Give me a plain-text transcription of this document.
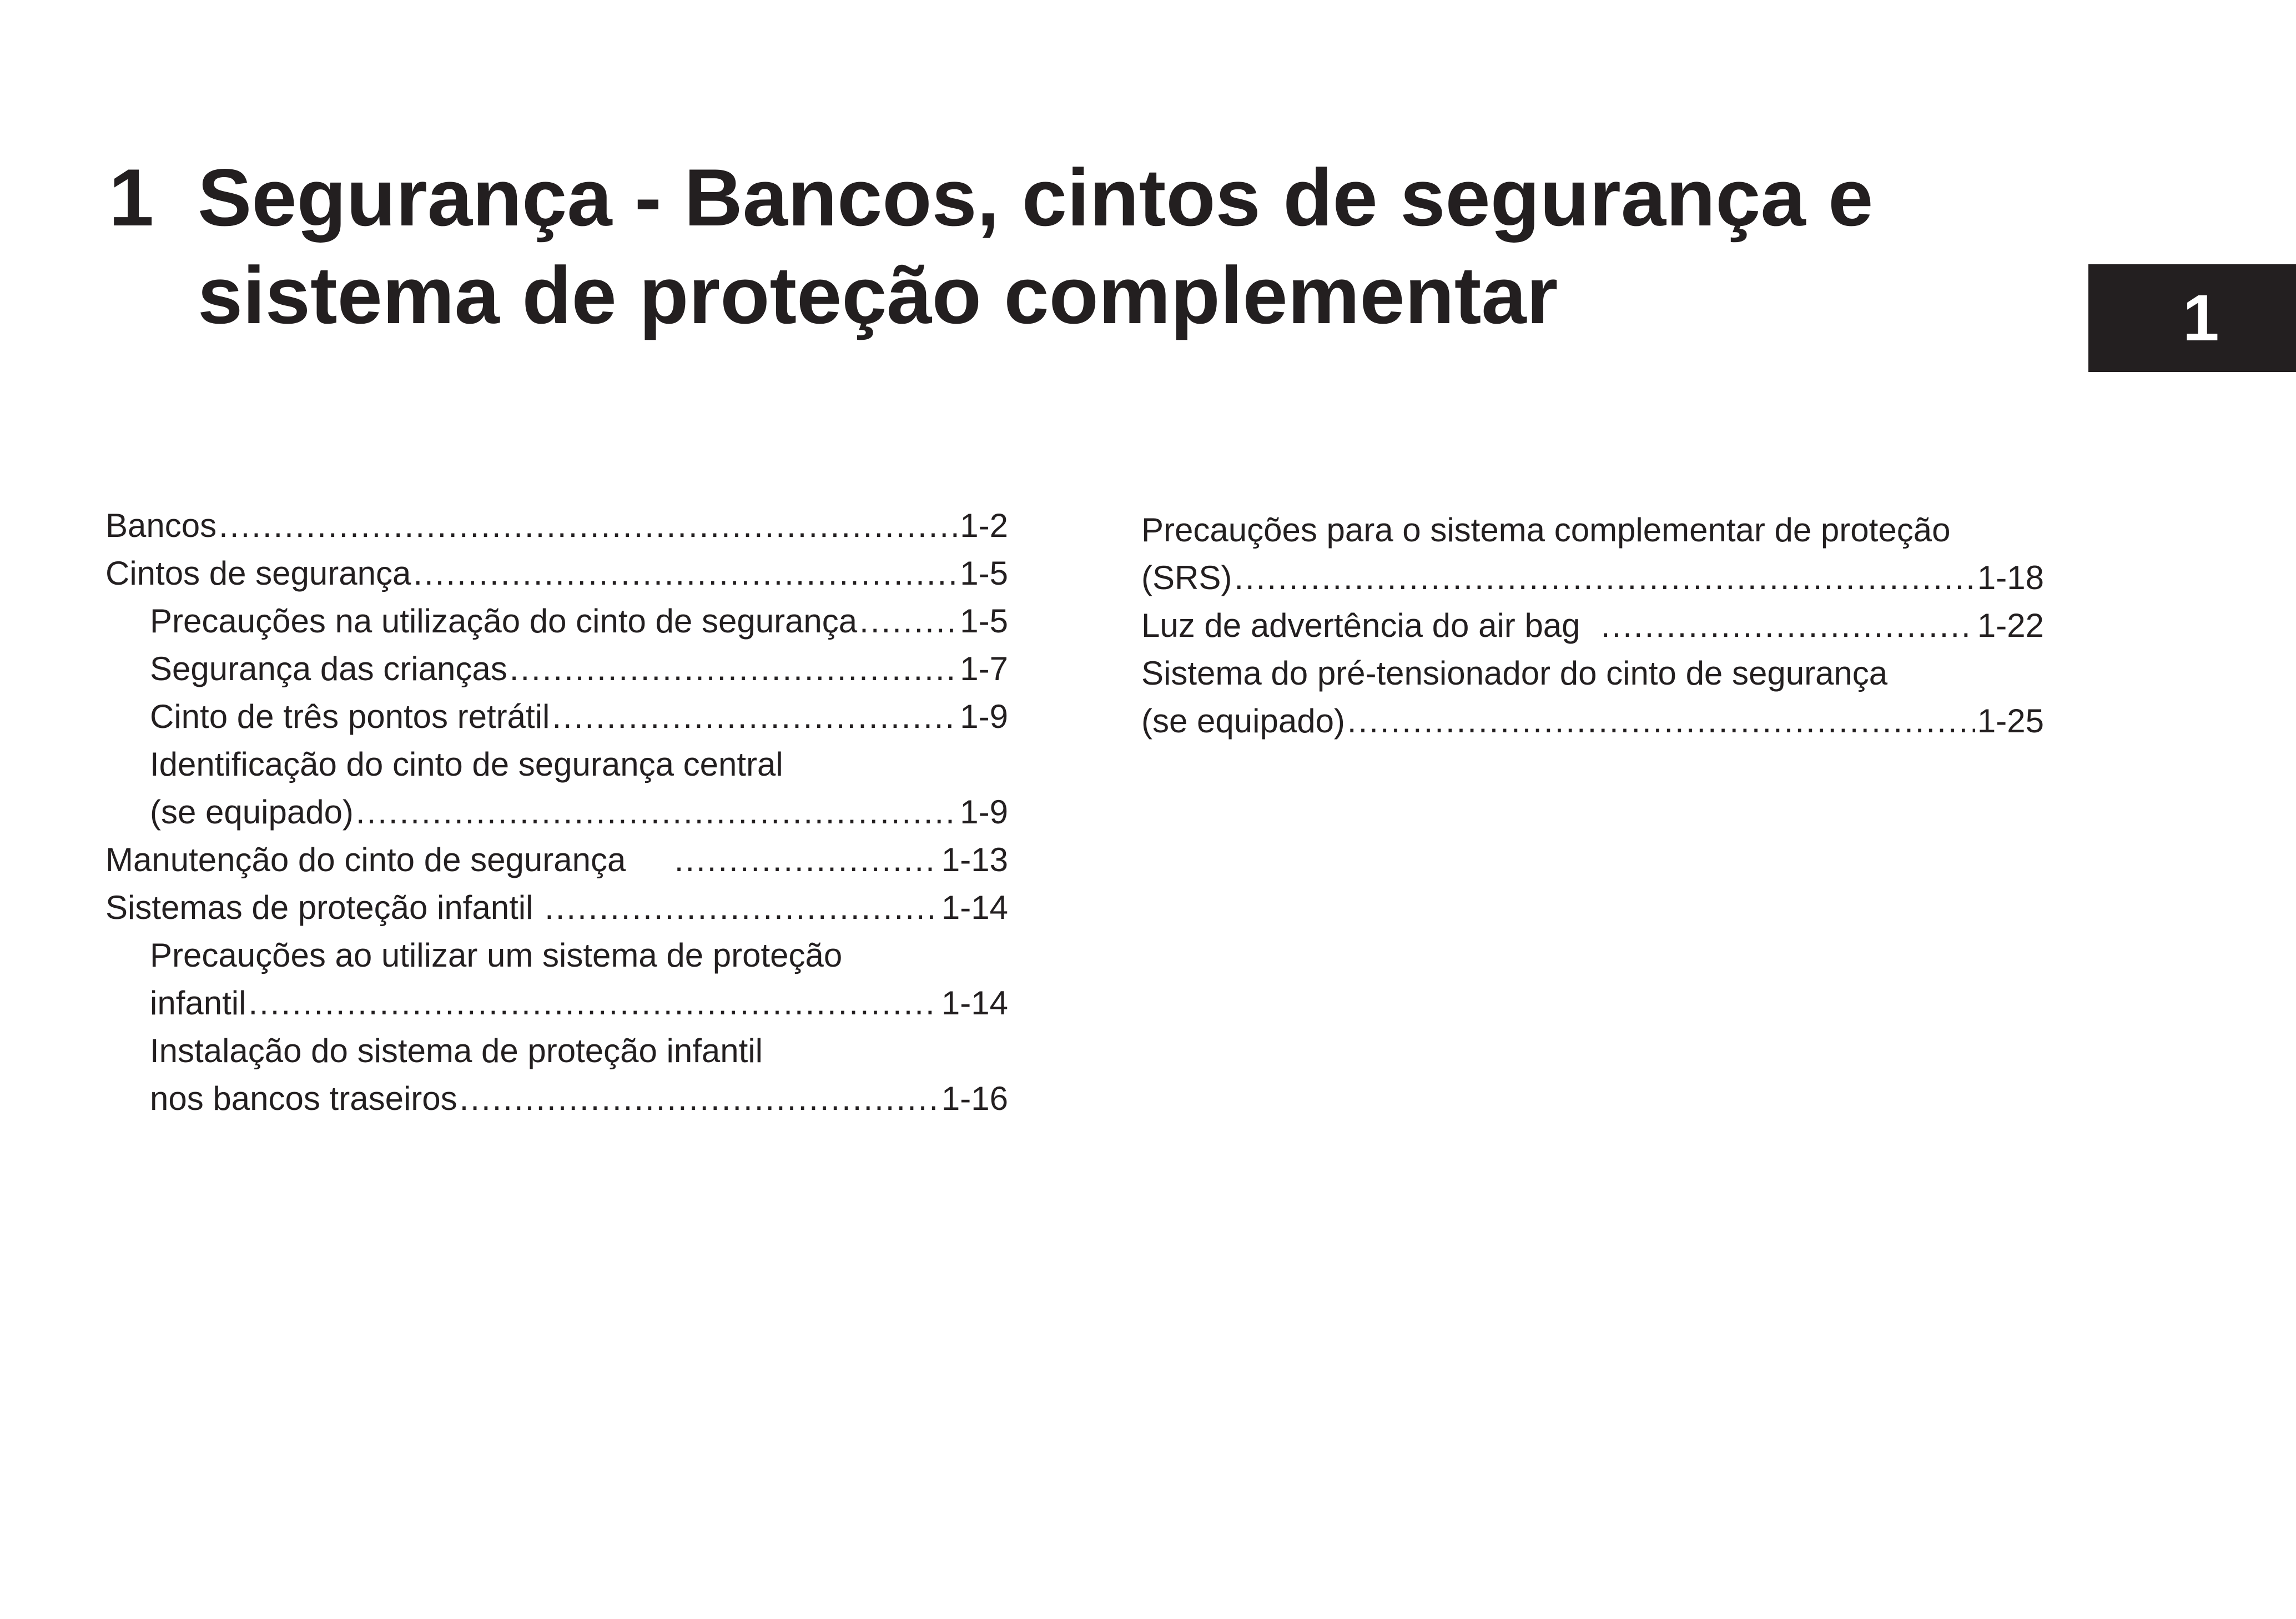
1 Segurança - Bancos, cintos de segurança e
sistema de proteção complementar	1
Bancos .....	1-2
Cintos de segurança .....	1-5
Precauções na utilização do cinto de segurança .....	1-5
Segurança das crianças .....	1-7
Cinto de três pontos retrátil .....	1-9
Identificação do cinto de segurança central
(se equipado) .....	1-9
Manutenção do cinto de segurança .....	1-13
Sistemas de proteção infantil .....	1-14
Precauções ao utilizar um sistema de proteção
infantil .....	1-14
Instalação do sistema de proteção infantil
nos bancos traseiros .....	1-16
Precauções para o sistema complementar de proteção
(SRS) .....	1-18
Luz de advertência do air bag .....	1-22
Sistema do pré-tensionador do cinto de segurança
(se equipado) .....	1-25
